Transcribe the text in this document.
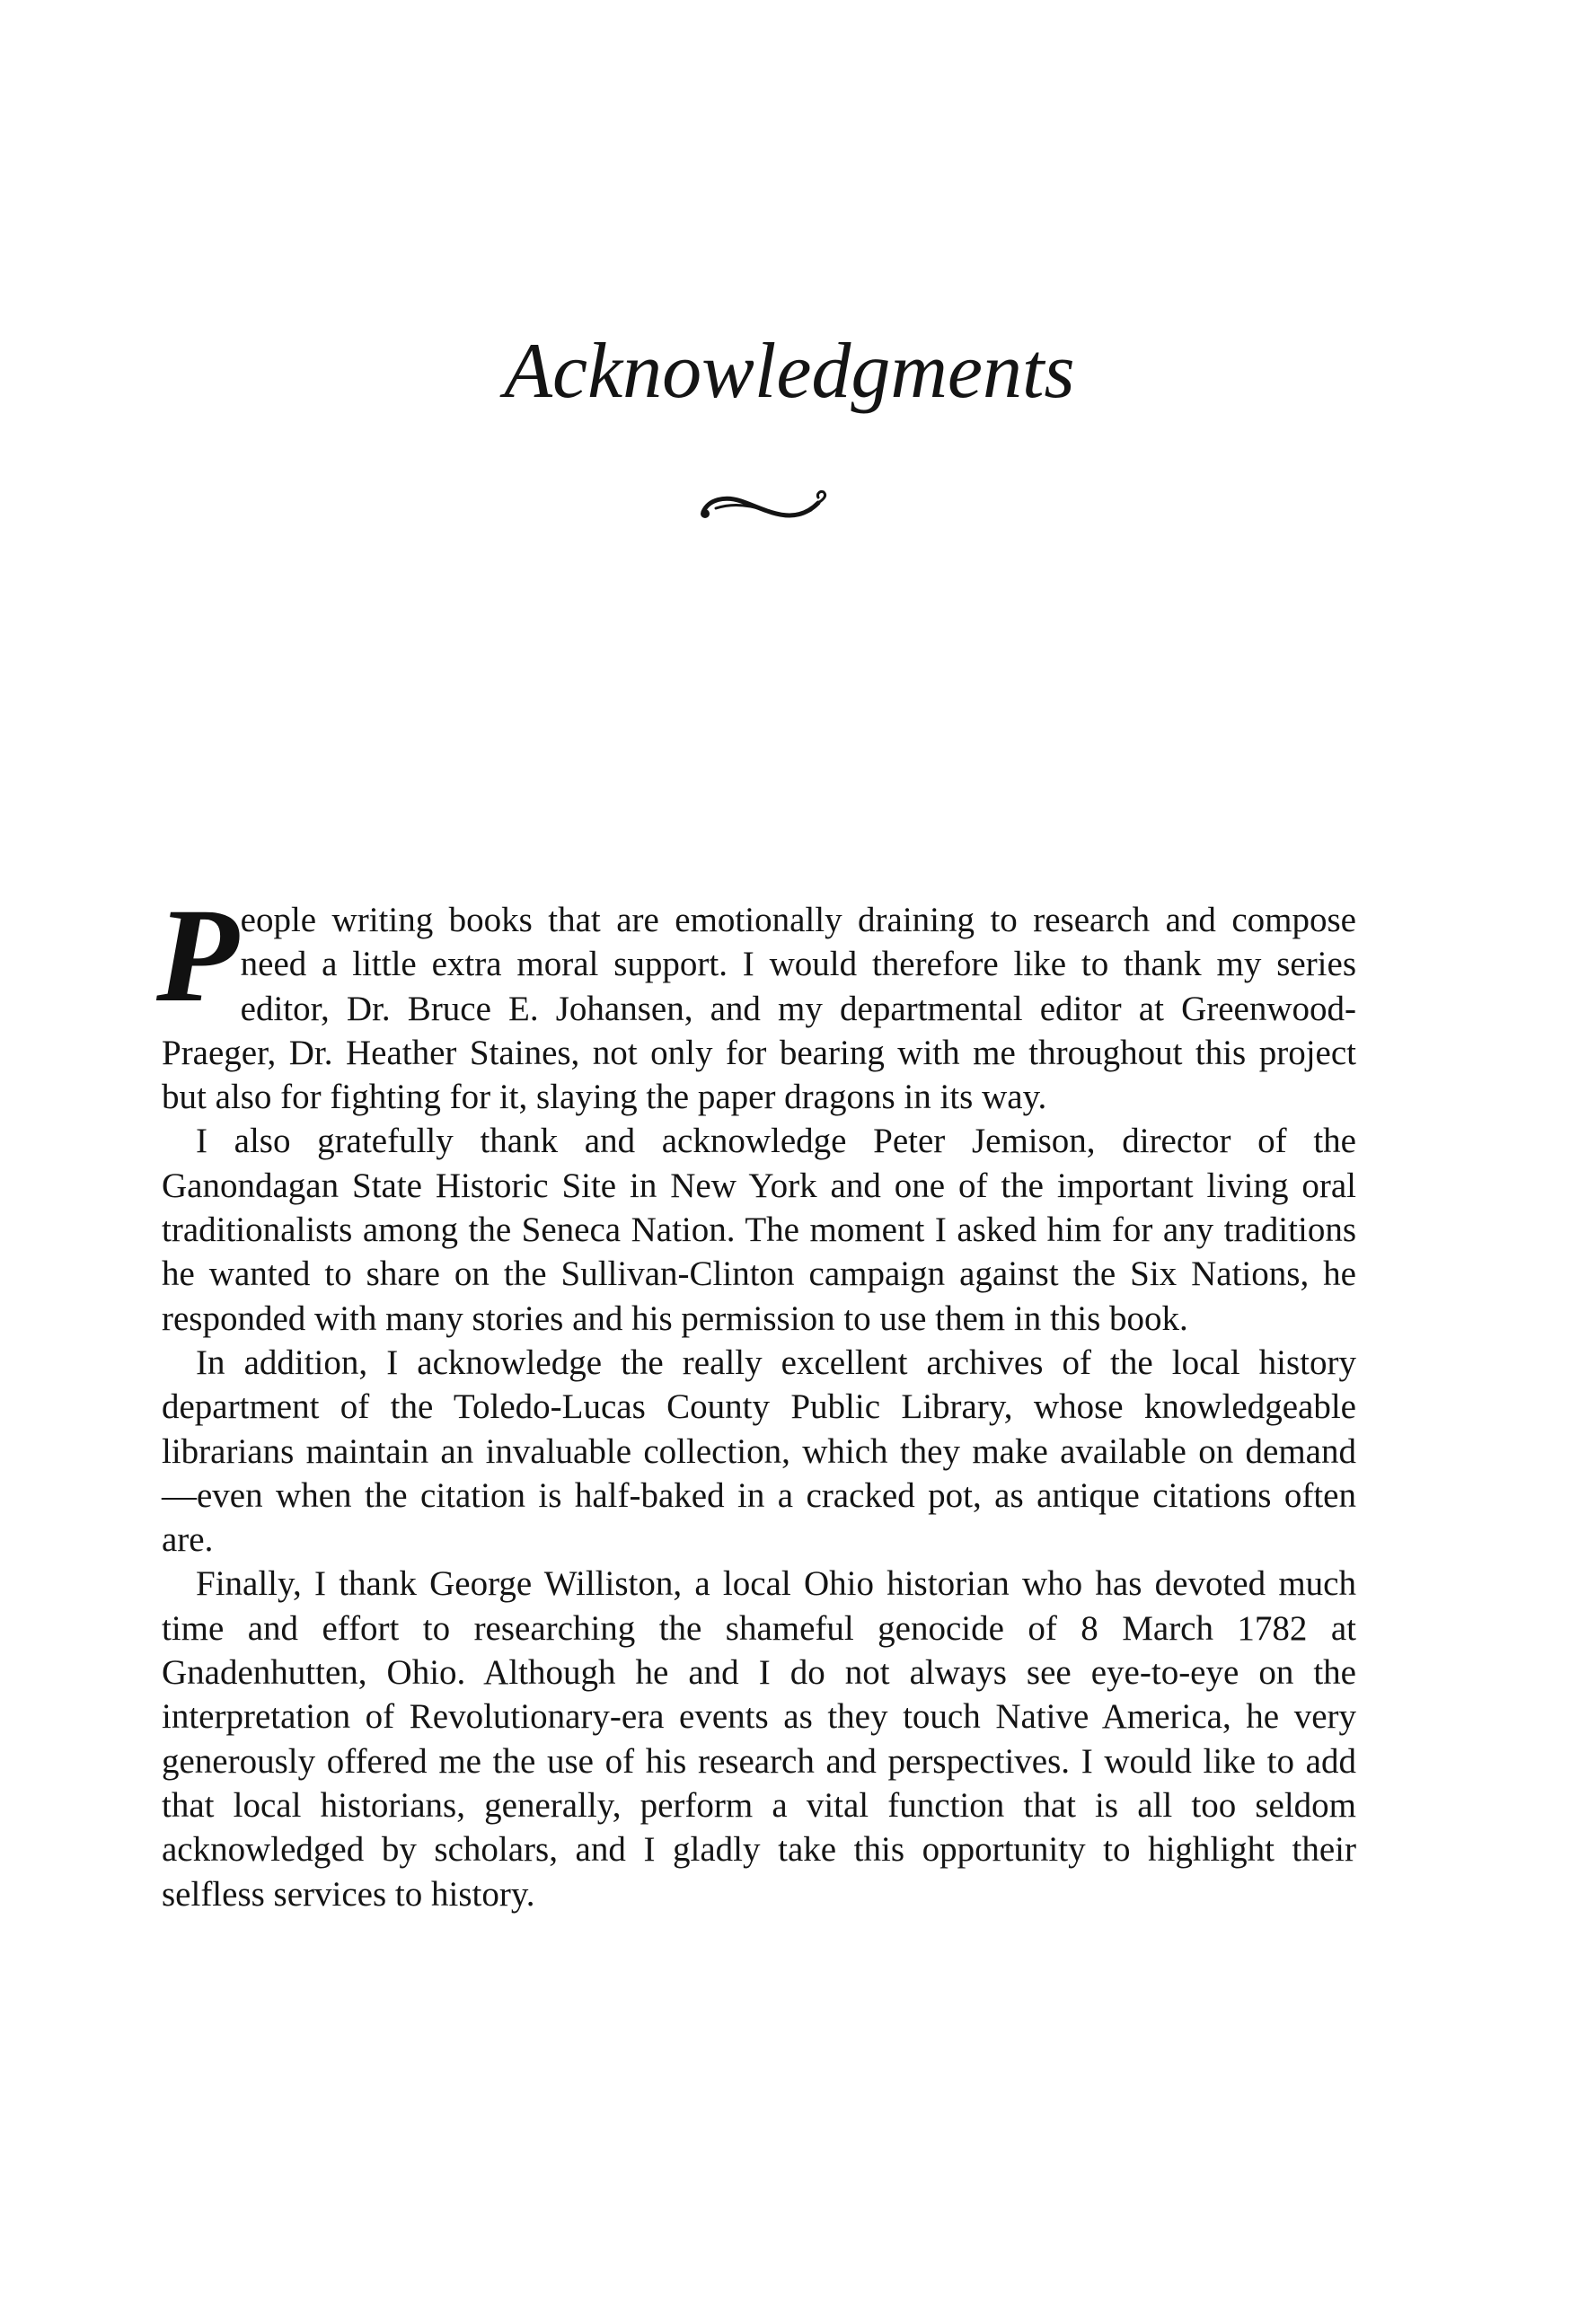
Acknowledgments

People writing books that are emotionally draining to research and compose need a little extra moral support. I would therefore like to thank my series editor, Dr. Bruce E. Johansen, and my departmental editor at Greenwood-Praeger, Dr. Heather Staines, not only for bearing with me throughout this project but also for fighting for it, slaying the paper dragons in its way.

I also gratefully thank and acknowledge Peter Jemison, director of the Ganondagan State Historic Site in New York and one of the important living oral traditionalists among the Seneca Nation. The moment I asked him for any traditions he wanted to share on the Sullivan-Clinton campaign against the Six Nations, he responded with many stories and his permission to use them in this book.

In addition, I acknowledge the really excellent archives of the local history department of the Toledo-Lucas County Public Library, whose knowledgeable librarians maintain an invaluable collection, which they make available on demand—even when the citation is half-baked in a cracked pot, as antique citations often are.

Finally, I thank George Williston, a local Ohio historian who has devoted much time and effort to researching the shameful genocide of 8 March 1782 at Gnadenhutten, Ohio. Although he and I do not always see eye-to-eye on the interpretation of Revolutionary-era events as they touch Native America, he very generously offered me the use of his research and perspectives. I would like to add that local historians, generally, perform a vital function that is all too seldom acknowledged by scholars, and I gladly take this opportunity to highlight their selfless services to history.
